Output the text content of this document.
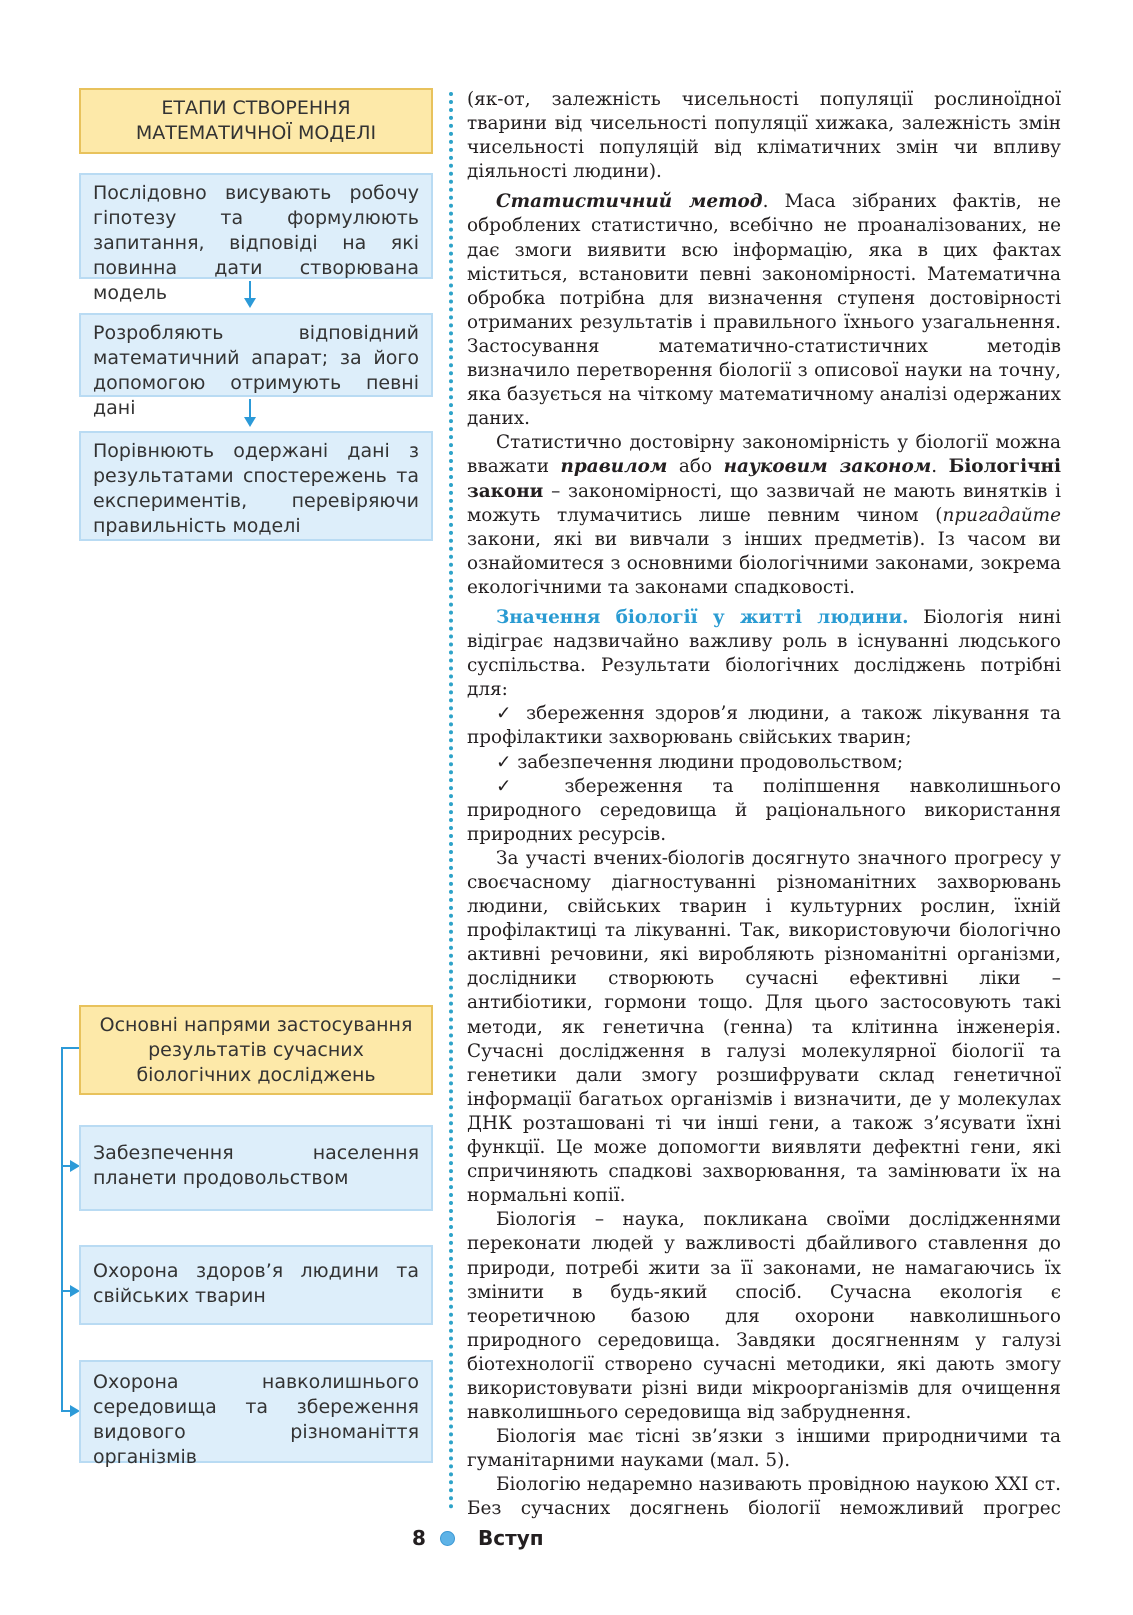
ЕТАПИ СТВОРЕННЯ МАТЕМАТИЧНОЇ МОДЕЛІ
Послідовно висувають робочу гіпотезу та формулюють запитання, відповіді на які повинна дати створювана модель
Розробляють відповідний математичний апарат; за його допомогою отримують певні дані
Порівнюють одержані дані з результатами спостережень та експериментів, перевіряючи правильність моделі
Основні напрями застосування результатів сучасних біологічних досліджень
Забезпечення населення планети продовольством
Охорона здоров’я людини та свійських тварин
Охорона навколишнього середовища та збереження видового різноманіття організмів

(як-от, залежність чисельності популяції рослиноїдної тварини від чисельності популяції хижака, залежність змін чисельності популяцій від кліматичних змін чи впливу діяльності людини).

Статистичний метод. Маса зібраних фактів, не оброблених статистично, всебічно не проаналізованих, не дає змоги виявити всю інформацію, яка в цих фактах міститься, встановити певні закономірності. Математична обробка потрібна для визначення ступеня достовірності отриманих результатів і правильного їхнього узагальнення. Застосування математично-статистичних методів визначило перетворення біології з описової науки на точну, яка базується на чіткому математичному аналізі одержаних даних.

Статистично достовірну закономірність у біології можна вважати правилом або науковим законом. Біологічні закони – закономірності, що зазвичай не мають винятків і можуть тлумачитись лише певним чином (пригадайте закони, які ви вивчали з інших предметів). Із часом ви ознайомитеся з основними біологічними законами, зокрема екологічними та законами спадковості.

Значення біології у житті людини. Біологія нині відіграє надзвичайно важливу роль в існуванні людського суспільства. Результати біологічних досліджень потрібні для:

✓ збереження здоров’я людини, а також лікування та профілактики захворювань свійських тварин;

✓ забезпечення людини продовольством;

✓ збереження та поліпшення навколишнього природного середовища й раціонального використання природних ресурсів.

За участі вчених-біологів досягнуто значного прогресу у своєчасному діагностуванні різноманітних захворювань людини, свійських тварин і культурних рослин, їхній профілактиці та лікуванні. Так, використовуючи біологічно активні речовини, які виробляють різноманітні організми, дослідники створюють сучасні ефективні ліки – антибіотики, гормони тощо. Для цього застосовують такі методи, як генетична (генна) та клітинна інженерія. Сучасні дослідження в галузі молекулярної біології та генетики дали змогу розшифрувати склад генетичної інформації багатьох організмів і визначити, де у молекулах ДНК розташовані ті чи інші гени, а також з’ясувати їхні функції. Це може допомогти виявляти дефектні гени, які спричиняють спадкові захворювання, та замінювати їх на нормальні копії.

Біологія – наука, покликана своїми дослідженнями переконати людей у важливості дбайливого ставлення до природи, потребі жити за її законами, не намагаючись їх змінити в будь-який спосіб. Сучасна екологія є теоретичною базою для охорони навколишнього природного середовища. Завдяки досягненням у галузі біотехнології створено сучасні методики, які дають змогу використовувати різні види мікроорганізмів для очищення навколишнього середовища від забруднення.

Біологія має тісні зв’язки з іншими природничими та гуманітарними науками (мал. 5).

Біологію недаремно називають провідною наукою XXI ст. Без сучасних досягнень біології неможливий прогрес

8	Вступ
